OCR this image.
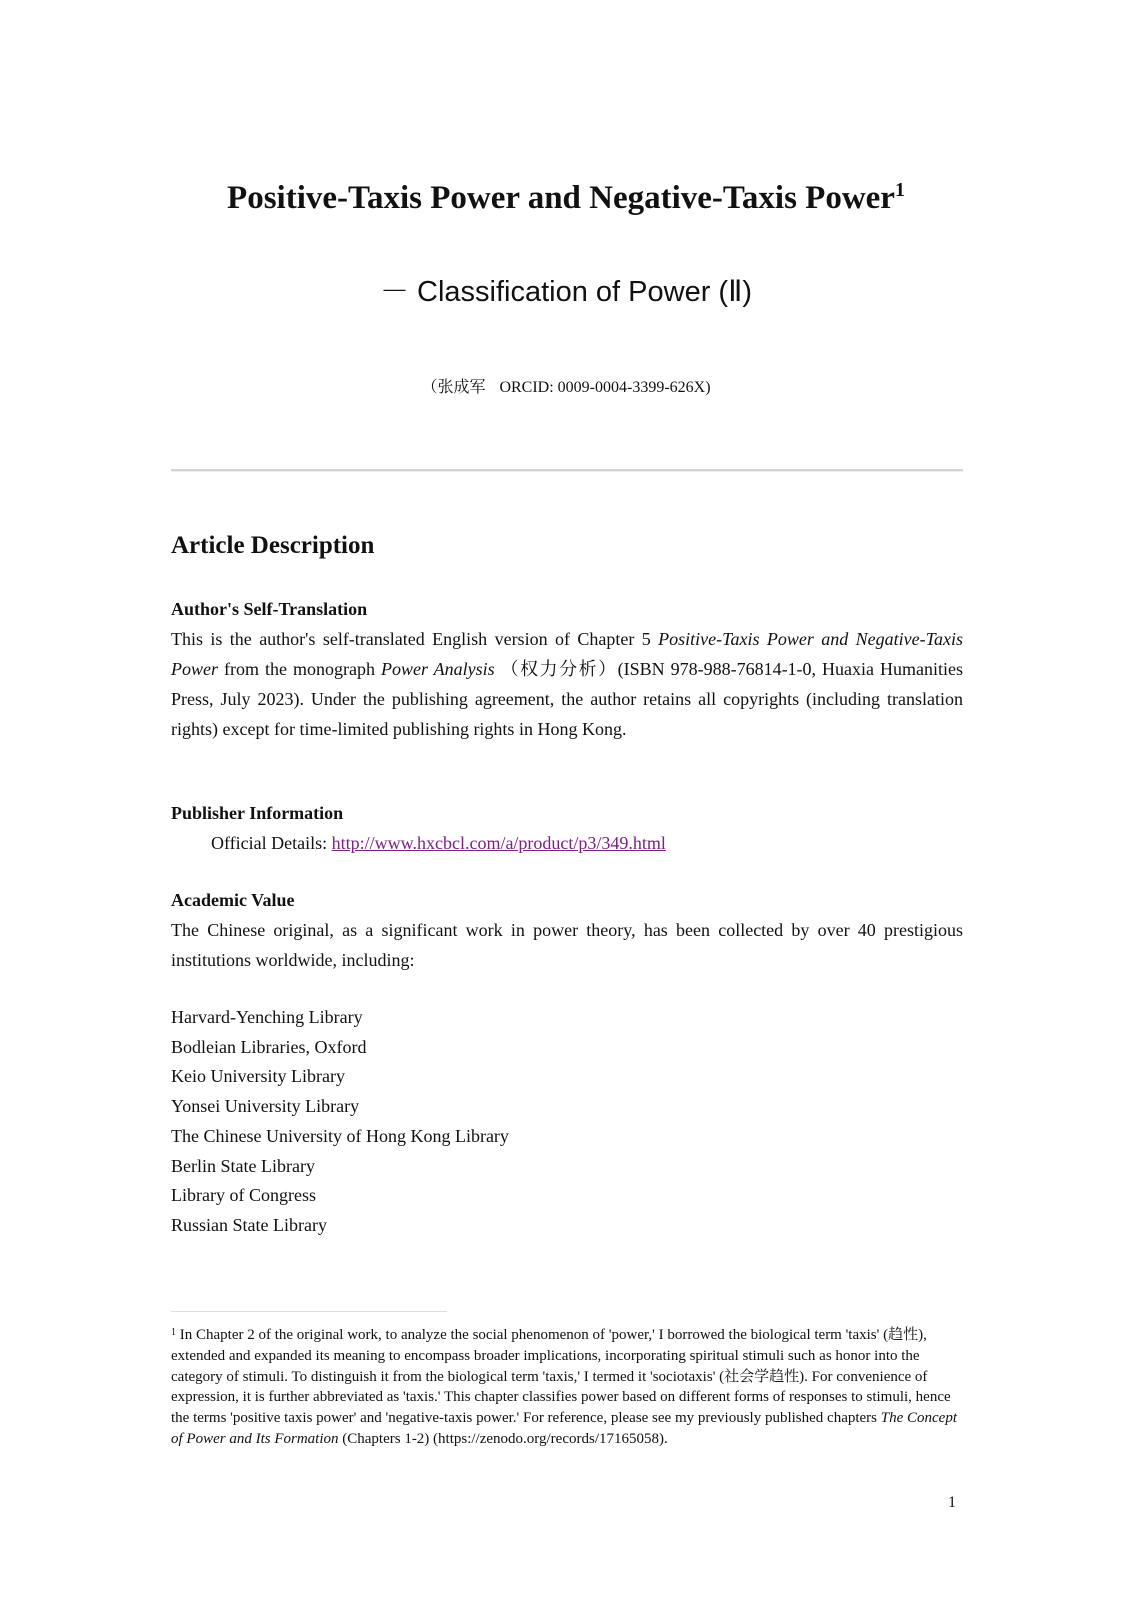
Positive-Taxis Power and Negative-Taxis Power$^1$
－ Classification of Power (Ⅱ)
（张成军 ORCID: 0009-0004-3399-626X)
Article Description
Author's Self-Translation
This is the author's self-translated English version of Chapter 5 Positive-Taxis Power and Negative-Taxis Power from the monograph Power Analysis （权力分析）(ISBN 978-988-76814-1-0, Huaxia Humanities Press, July 2023). Under the publishing agreement, the author retains all copyrights (including translation rights) except for time-limited publishing rights in Hong Kong.
Publisher Information
Official Details: http://www.hxcbcl.com/a/product/p3/349.html
Academic Value
The Chinese original, as a significant work in power theory, has been collected by over 40 prestigious institutions worldwide, including:
Harvard-Yenching Library
Bodleian Libraries, Oxford
Keio University Library
Yonsei University Library
The Chinese University of Hong Kong Library
Berlin State Library
Library of Congress
Russian State Library
$^1$ In Chapter 2 of the original work, to analyze the social phenomenon of 'power,' I borrowed the biological term 'taxis' (趋性), extended and expanded its meaning to encompass broader implications, incorporating spiritual stimuli such as honor into the category of stimuli. To distinguish it from the biological term 'taxis,' I termed it 'sociotaxis' (社会学趋性). For convenience of expression, it is further abbreviated as 'taxis.' This chapter classifies power based on different forms of responses to stimuli, hence the terms 'positive taxis power' and 'negative-taxis power.' For reference, please see my previously published chapters The Concept of Power and Its Formation (Chapters 1-2) (https://zenodo.org/records/17165058).
1
